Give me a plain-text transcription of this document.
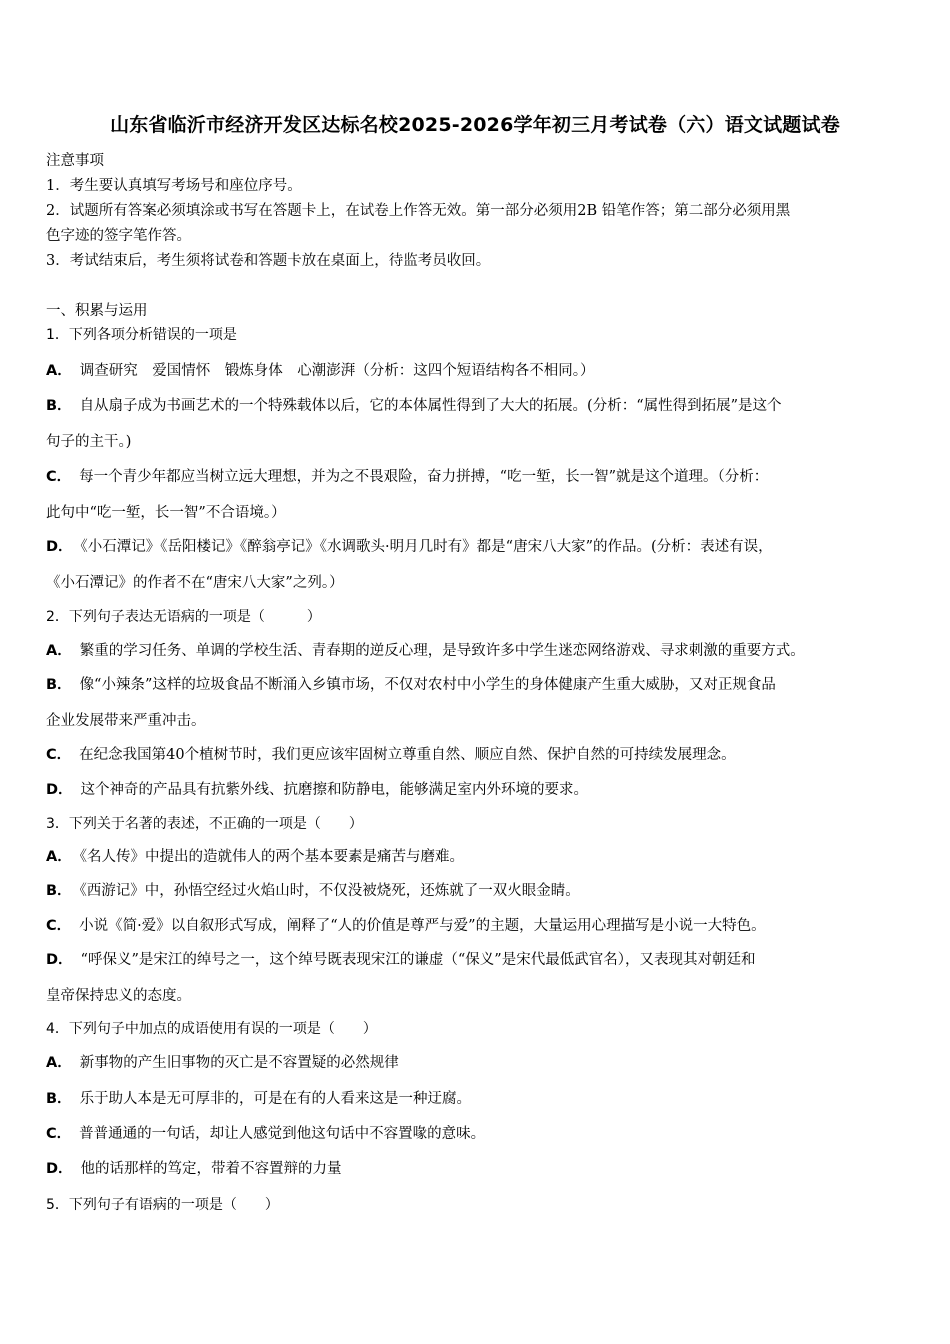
山东省临沂市经济开发区达标名校2025-2026学年初三月考试卷（六）语文试题试卷
注意事项
1．考生要认真填写考场号和座位序号。
2．试题所有答案必须填涂或书写在答题卡上，在试卷上作答无效。第一部分必须用2B 铅笔作答；第二部分必须用黑
色字迹的签字笔作答。
3．考试结束后，考生须将试卷和答题卡放在桌面上，待监考员收回。
一、积累与运用
1．下列各项分析错误的一项是
A． 调查研究　爱国情怀　锻炼身体　心潮澎湃（分析：这四个短语结构各不相同。）
B． 自从扇子成为书画艺术的一个特殊载体以后，它的本体属性得到了大大的拓展。(分析：“属性得到拓展”是这个
句子的主干。)
C． 每一个青少年都应当树立远大理想，并为之不畏艰险，奋力拼搏，“吃一堑，长一智”就是这个道理。（分析：
此句中“吃一堑，长一智”不合语境。）
D． 《小石潭记》《岳阳楼记》《醉翁亭记》《水调歌头·明月几时有》都是“唐宋八大家”的作品。(分析：表述有误，
《小石潭记》的作者不在“唐宋八大家”之列。）
2．下列句子表达无语病的一项是（　　　）
A． 繁重的学习任务、单调的学校生活、青春期的逆反心理，是导致许多中学生迷恋网络游戏、寻求刺激的重要方式。
B． 像“小辣条”这样的垃圾食品不断涌入乡镇市场，不仅对农村中小学生的身体健康产生重大威胁，又对正规食品
企业发展带来严重冲击。
C． 在纪念我国第40个植树节时，我们更应该牢固树立尊重自然、顺应自然、保护自然的可持续发展理念。
D． 这个神奇的产品具有抗紫外线、抗磨擦和防静电，能够满足室内外环境的要求。
3．下列关于名著的表述，不正确的一项是（　　）
A． 《名人传》中提出的造就伟人的两个基本要素是痛苦与磨难。
B． 《西游记》中，孙悟空经过火焰山时，不仅没被烧死，还炼就了一双火眼金睛。
C． 小说《简·爱》以自叙形式写成，阐释了“人的价值是尊严与爱”的主题，大量运用心理描写是小说一大特色。
D． “呼保义”是宋江的绰号之一，这个绰号既表现宋江的谦虚（“保义”是宋代最低武官名），又表现其对朝廷和
皇帝保持忠义的态度。
4．下列句子中加点的成语使用有误的一项是（　　）
A． 新事物的产生旧事物的灭亡是不容置疑的必然规律
B． 乐于助人本是无可厚非的，可是在有的人看来这是一种迂腐。
C． 普普通通的一句话，却让人感觉到他这句话中不容置喙的意味。
D． 他的话那样的笃定，带着不容置辩的力量
5．下列句子有语病的一项是（　　）
